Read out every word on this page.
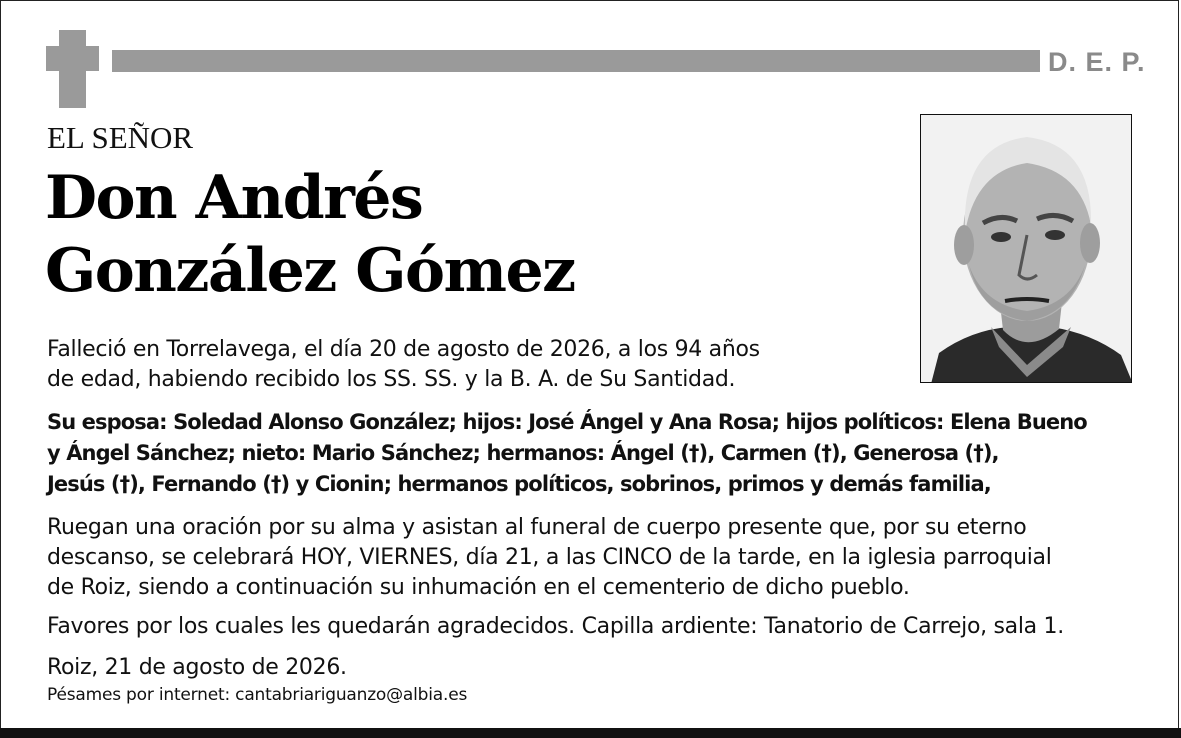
D. E. P.
EL SEÑOR
Don Andrés
González Gómez
Falleció en Torrelavega, el día 20 de agosto de 2026, a los 94 años
de edad, habiendo recibido los SS. SS. y la B. A. de Su Santidad.
Su esposa: Soledad Alonso González; hijos: José Ángel y Ana Rosa; hijos políticos: Elena Bueno
y Ángel Sánchez; nieto: Mario Sánchez; hermanos: Ángel (†), Carmen (†), Generosa (†),
Jesús (†), Fernando (†) y Cionin; hermanos políticos, sobrinos, primos y demás familia,
Ruegan una oración por su alma y asistan al funeral de cuerpo presente que, por su eterno
descanso, se celebrará HOY, VIERNES, día 21, a las CINCO de la tarde, en la iglesia parroquial
de Roiz, siendo a continuación su inhumación en el cementerio de dicho pueblo.
Favores por los cuales les quedarán agradecidos. Capilla ardiente: Tanatorio de Carrejo, sala 1.
Roiz, 21 de agosto de 2026.
Pésames por internet: cantabriariguanzo@albia.es
